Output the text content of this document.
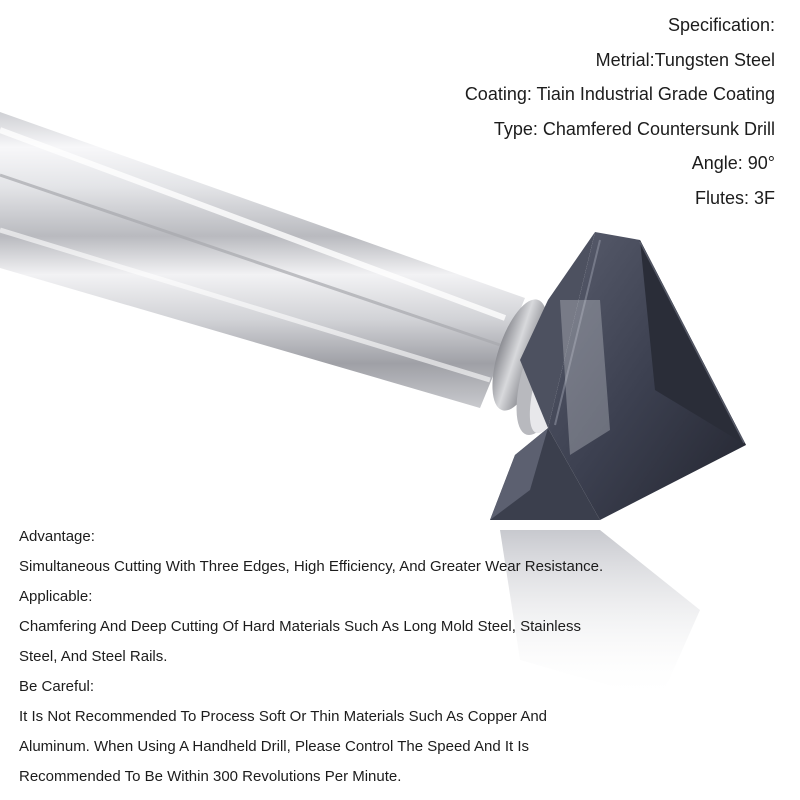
Specification:
Metrial:Tungsten Steel
Coating: Tiain Industrial Grade Coating
Type: Chamfered Countersunk Drill
Angle: 90°
Flutes: 3F
Advantage:
Simultaneous Cutting With Three Edges, High Efficiency, And Greater Wear Resistance.
Applicable:
Chamfering And Deep Cutting Of Hard Materials Such As Long Mold Steel, Stainless
Steel, And Steel Rails.
Be Careful:
It Is Not Recommended To Process Soft Or Thin Materials Such As Copper And
Aluminum. When Using A Handheld Drill, Please Control The Speed And It Is
Recommended To Be Within 300 Revolutions Per Minute.
